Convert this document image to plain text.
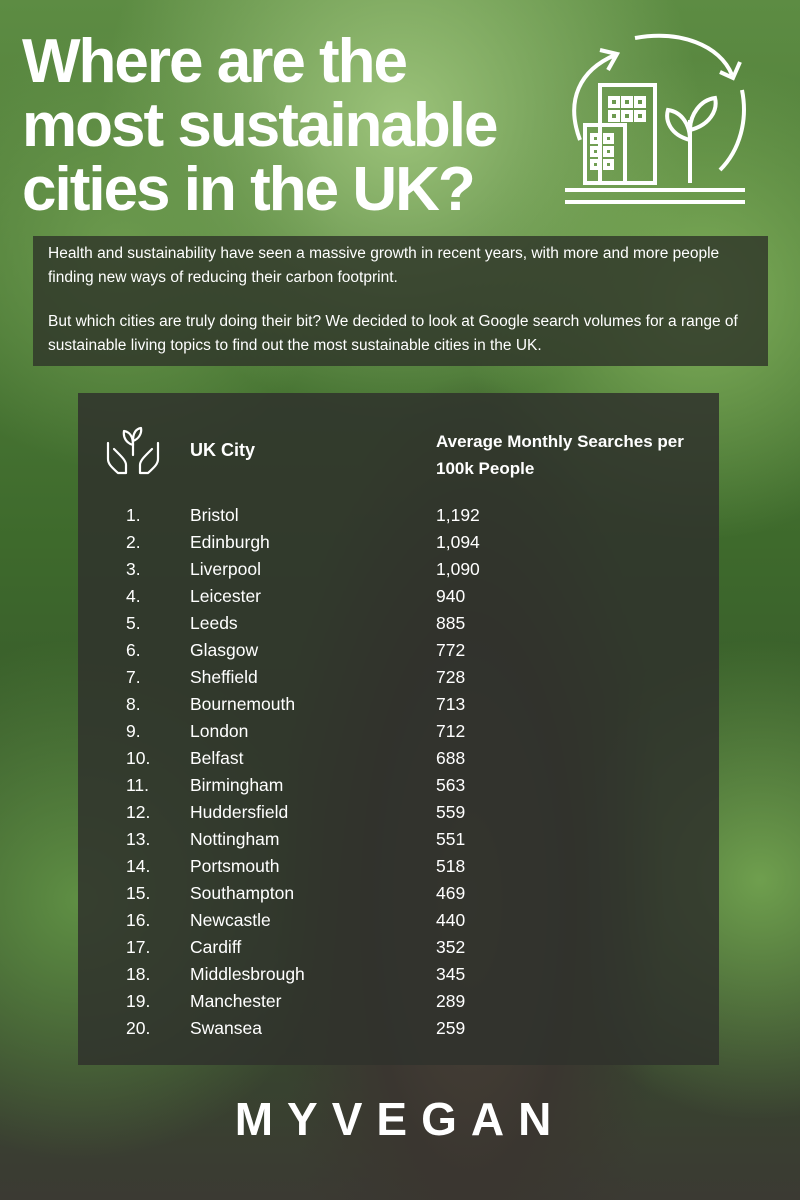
Where are the most sustainable cities in the UK?

Health and sustainability have seen a massive growth in recent years, with more and more people finding new ways of reducing their carbon footprint.

But which cities are truly doing their bit? We decided to look at Google search volumes for a range of sustainable living topics to find out the most sustainable cities in the UK.

UK City	Average Monthly Searches per 100k People
1.	Bristol	1,192
2.	Edinburgh	1,094
3.	Liverpool	1,090
4.	Leicester	940
5.	Leeds	885
6.	Glasgow	772
7.	Sheffield	728
8.	Bournemouth	713
9.	London	712
10. Belfast	688
11. Birmingham	563
12. Huddersfield	559
13. Nottingham	551
14. Portsmouth	518
15. Southampton	469
16. Newcastle	440
17. Cardiff	352
18. Middlesbrough	345
19. Manchester	289
20. Swansea	259
MYVEGAN
